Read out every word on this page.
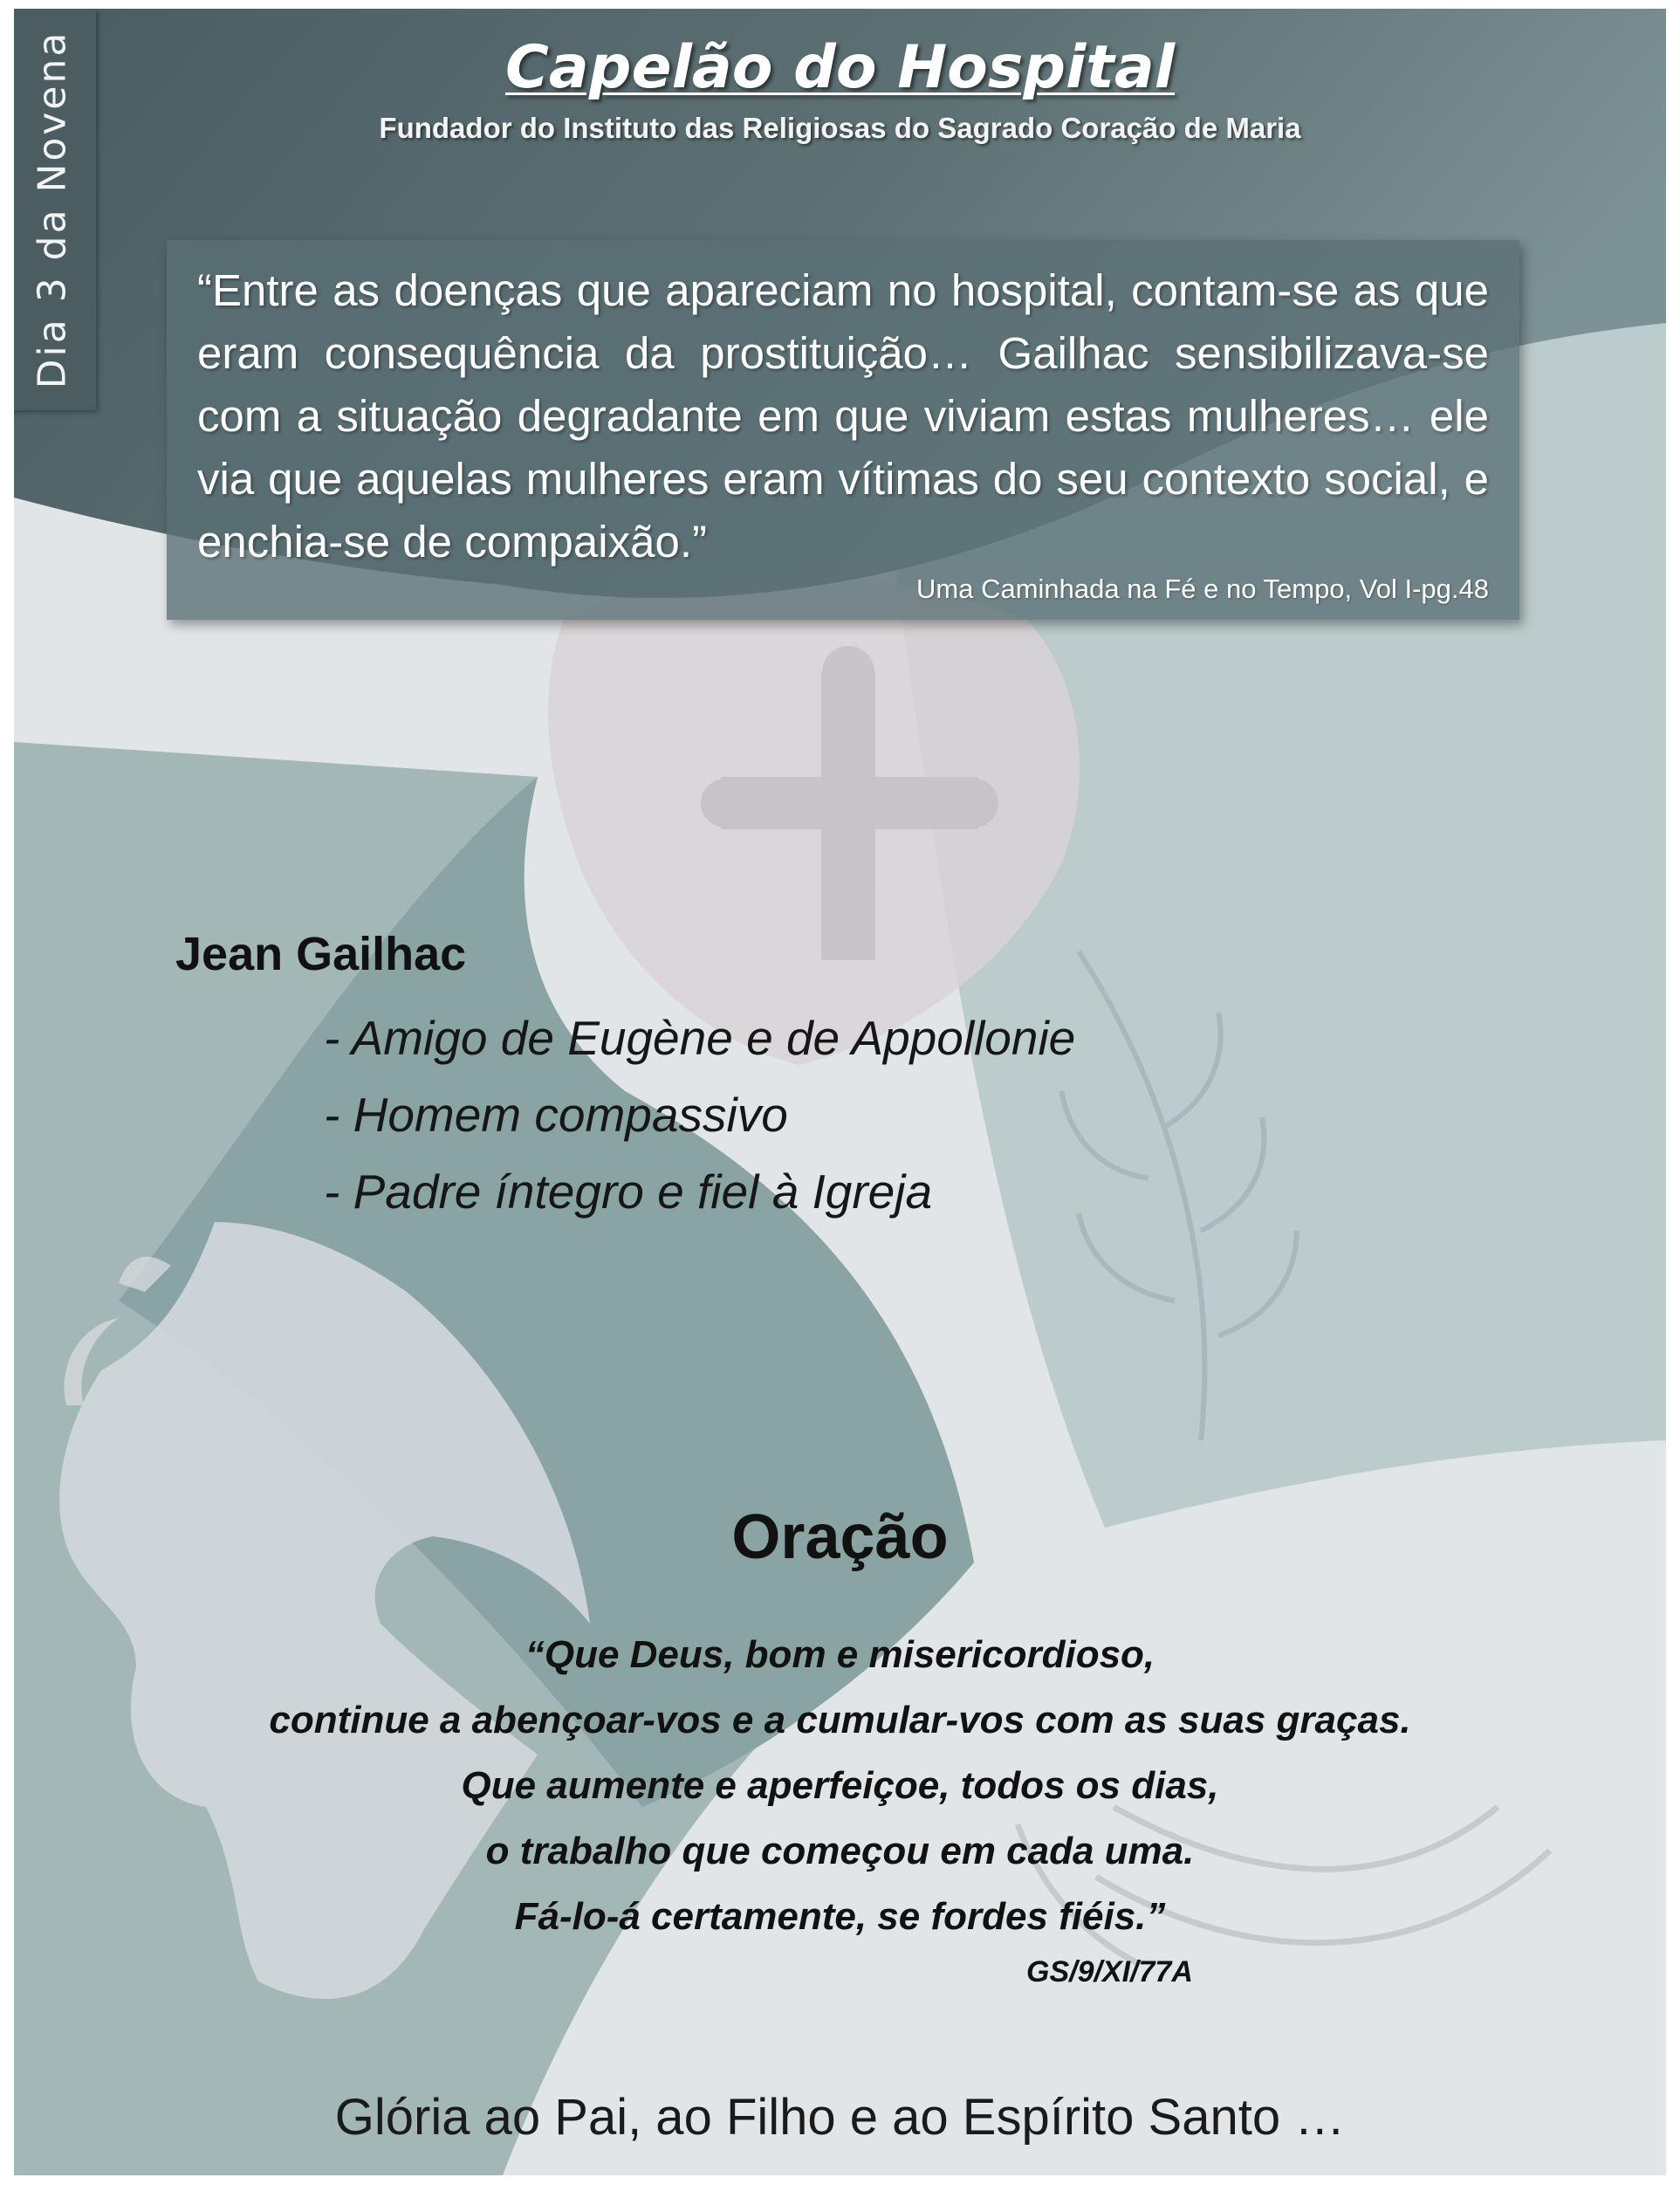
Dia 3 da Novena	Capelão do Hospital
Fundador do Instituto das Religiosas do Sagrado Coração de Maria
“Entre as doenças que apareciam no hospital, contam-se as que eram consequência da prostituição… Gailhac sensibilizava-se com a situação degradante em que viviam estas mulheres… ele via que aquelas mulheres eram vítimas do seu contexto social, e enchia-se de compaixão.”
Uma Caminhada na Fé e no Tempo, Vol I-pg.48
Jean Gailhac
- Amigo de Eugène e de Appollonie
- Homem compassivo
- Padre íntegro e fiel à Igreja
Oração
“Que Deus, bom e misericordioso,
continue a abençoar-vos e a cumular-vos com as suas graças.
Que aumente e aperfeiçoe, todos os dias,
o trabalho que começou em cada uma.
Fá-lo-á certamente, se fordes fiéis.”
GS/9/XI/77A
Glória ao Pai, ao Filho e ao Espírito Santo …
